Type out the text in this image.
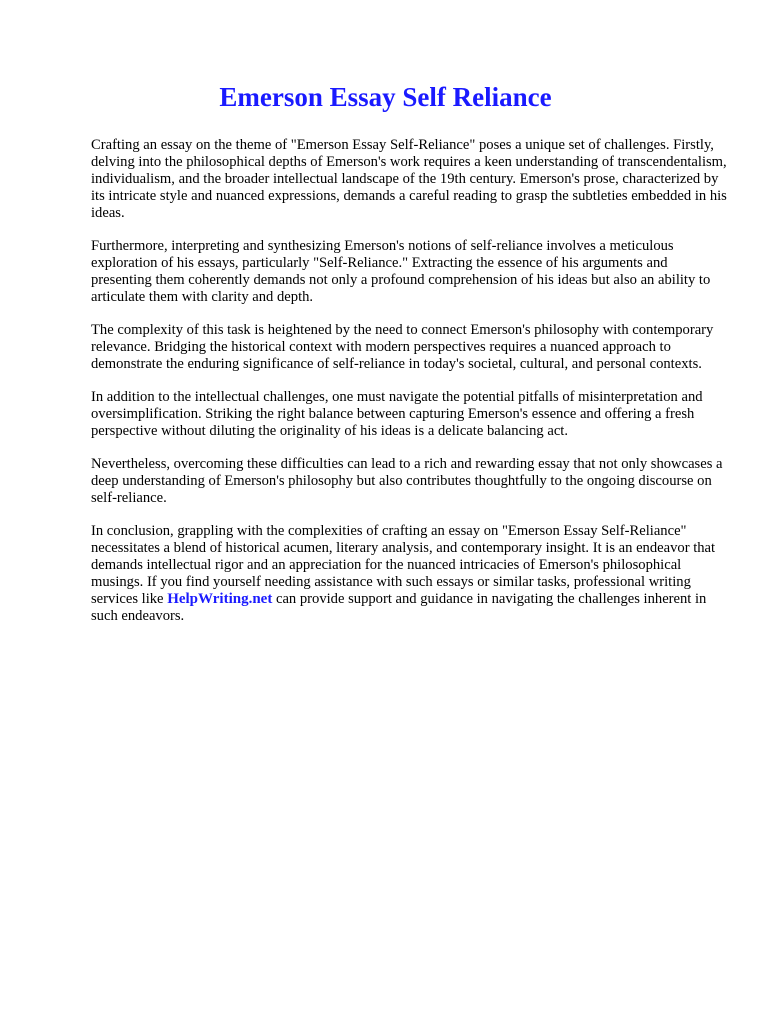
Emerson Essay Self Reliance

Crafting an essay on the theme of "Emerson Essay Self-Reliance" poses a unique set of challenges. Firstly, delving into the philosophical depths of Emerson's work requires a keen understanding of transcendentalism, individualism, and the broader intellectual landscape of the 19th century. Emerson's prose, characterized by its intricate style and nuanced expressions, demands a careful reading to grasp the subtleties embedded in his ideas.

Furthermore, interpreting and synthesizing Emerson's notions of self-reliance involves a meticulous exploration of his essays, particularly "Self-Reliance." Extracting the essence of his arguments and presenting them coherently demands not only a profound comprehension of his ideas but also an ability to articulate them with clarity and depth.

The complexity of this task is heightened by the need to connect Emerson's philosophy with contemporary relevance. Bridging the historical context with modern perspectives requires a nuanced approach to demonstrate the enduring significance of self-reliance in today's societal, cultural, and personal contexts.

In addition to the intellectual challenges, one must navigate the potential pitfalls of misinterpretation and oversimplification. Striking the right balance between capturing Emerson's essence and offering a fresh perspective without diluting the originality of his ideas is a delicate balancing act.

Nevertheless, overcoming these difficulties can lead to a rich and rewarding essay that not only showcases a deep understanding of Emerson's philosophy but also contributes thoughtfully to the ongoing discourse on self-reliance.

In conclusion, grappling with the complexities of crafting an essay on "Emerson Essay Self-Reliance" necessitates a blend of historical acumen, literary analysis, and contemporary insight. It is an endeavor that demands intellectual rigor and an appreciation for the nuanced intricacies of Emerson's philosophical musings. If you find yourself needing assistance with such essays or similar tasks, professional writing services like HelpWriting.net can provide support and guidance in navigating the challenges inherent in such endeavors.
